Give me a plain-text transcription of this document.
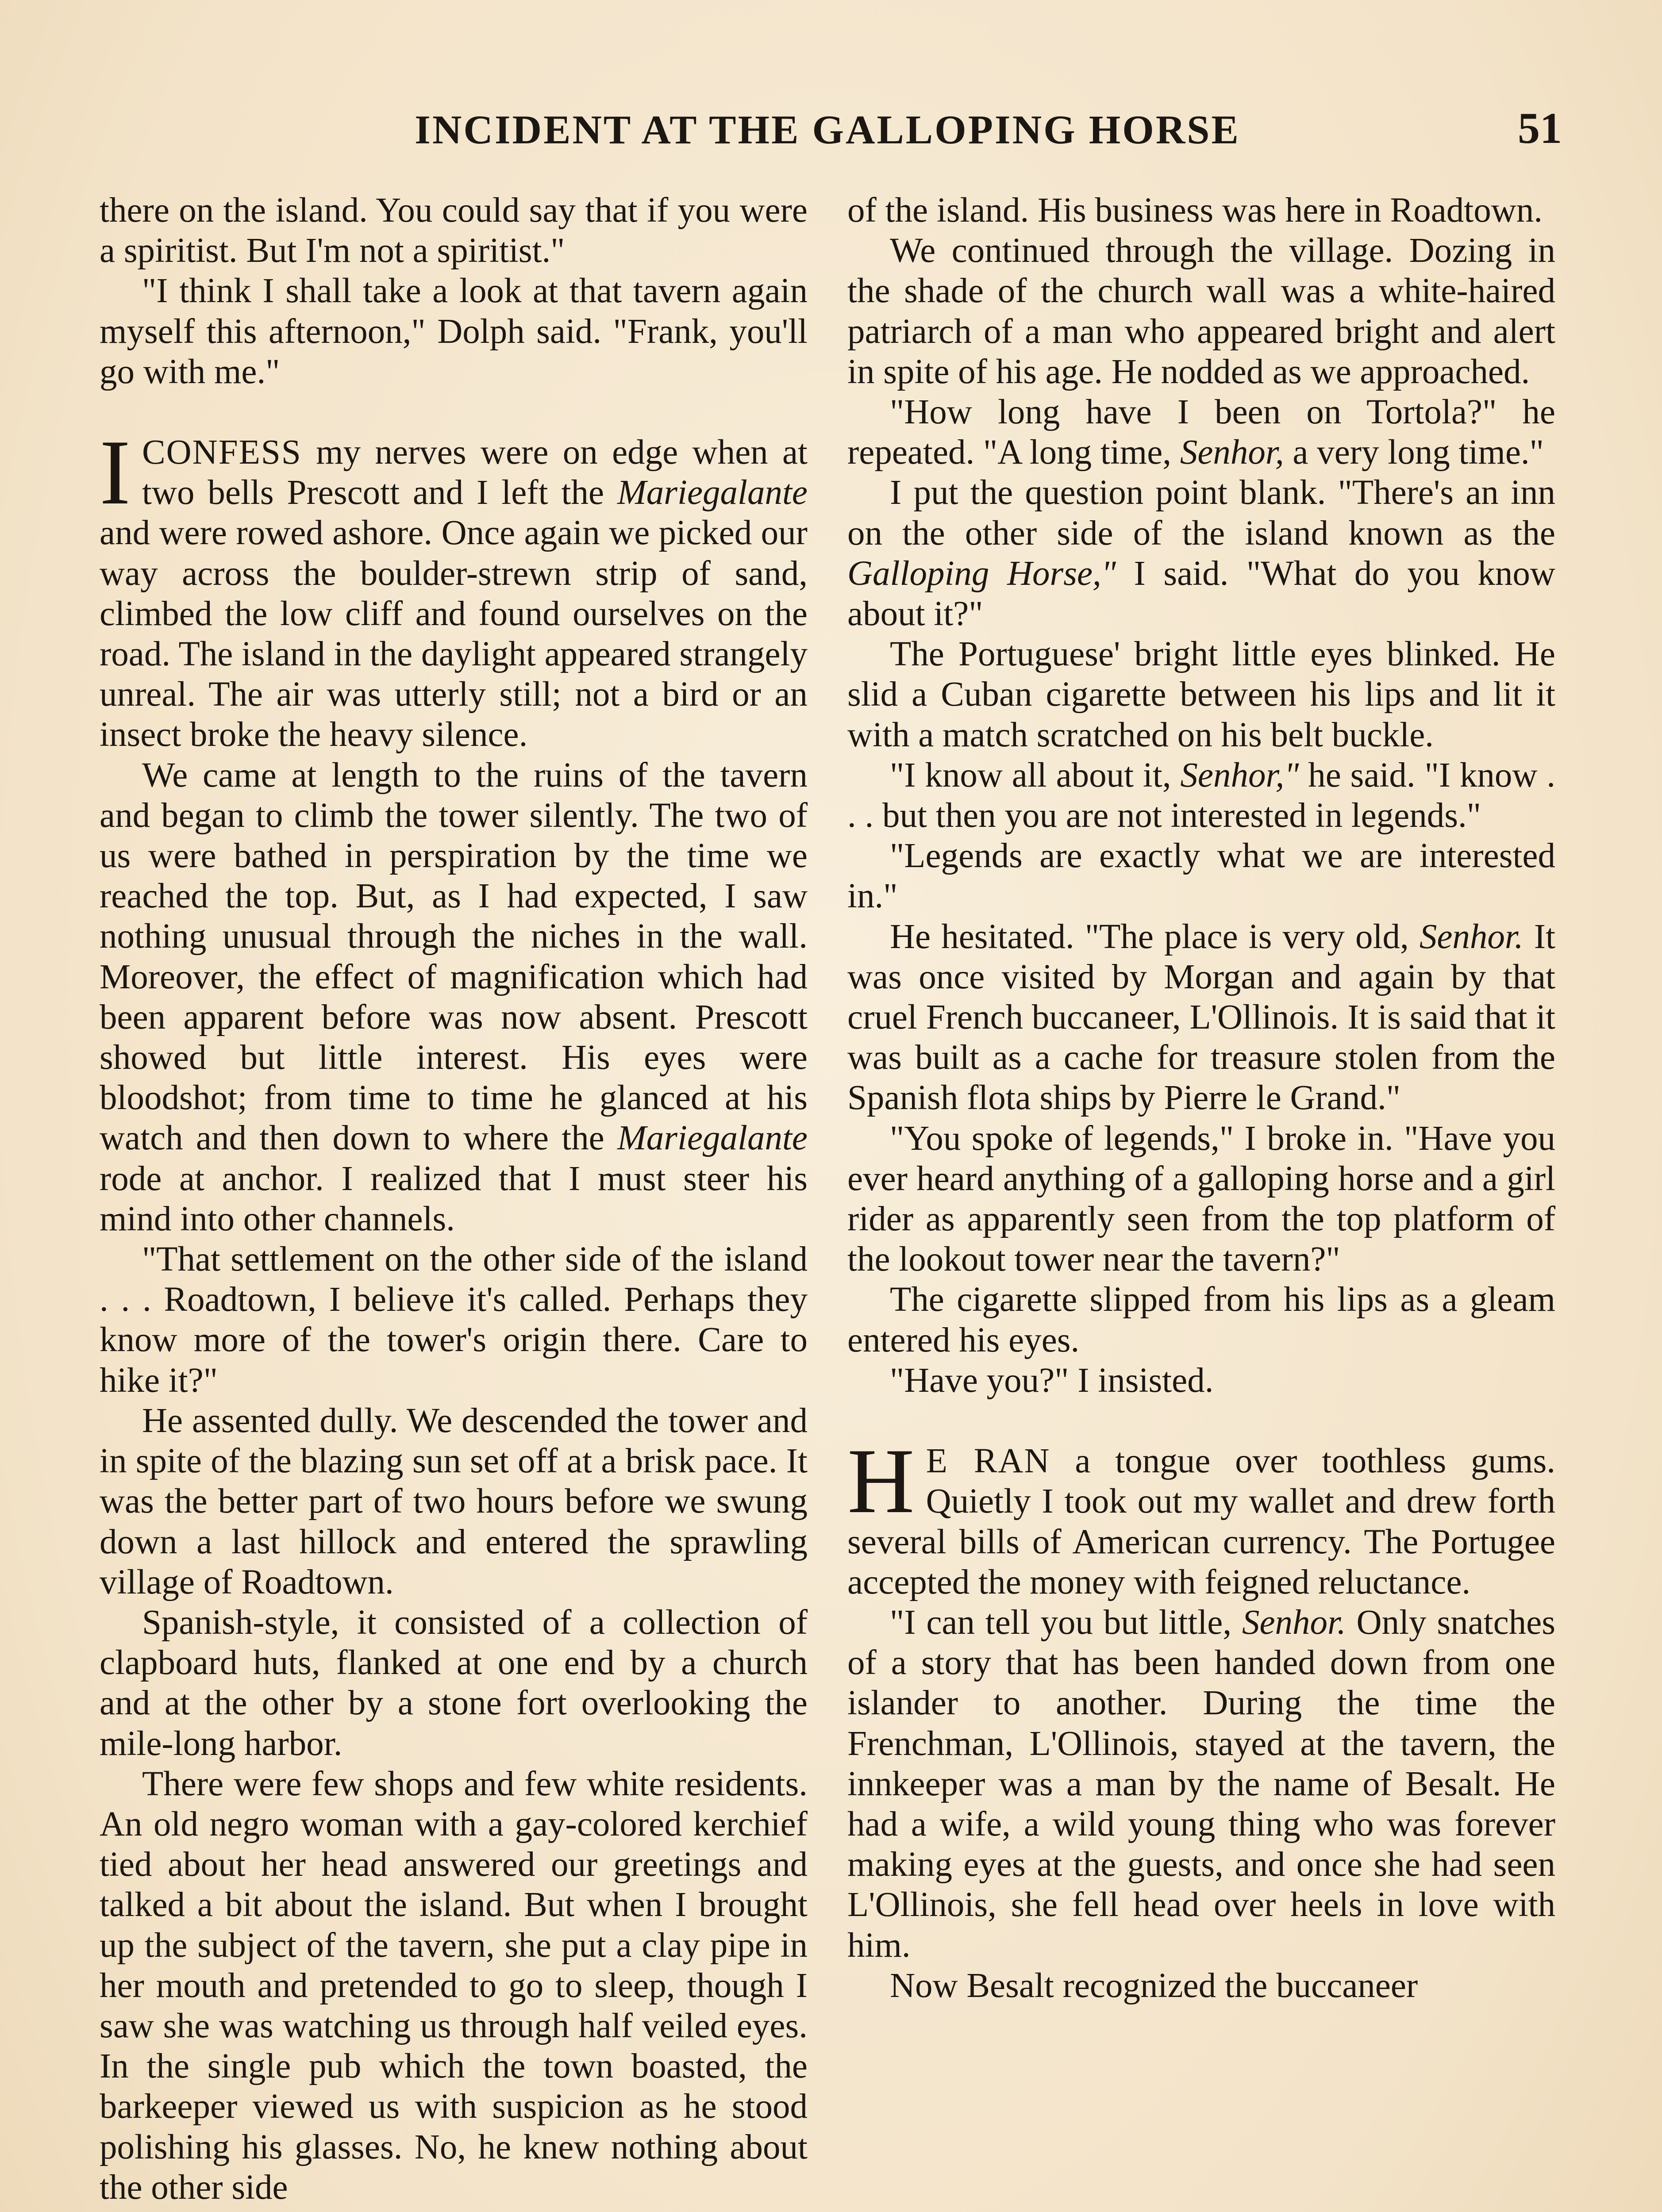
INCIDENT AT THE GALLOPING HORSE	51

there on the island. You could say that if you were a spiritist. But I'm not a spiritist."

"I think I shall take a look at that tavern again myself this afternoon," Dolph said. "Frank, you'll go with me."

ICONFESS my nerves were on edge when at two bells Prescott and I left the Mariegalante and were rowed ashore. Once again we picked our way across the boulder-strewn strip of sand, climbed the low cliff and found ourselves on the road. The island in the daylight appeared strangely unreal. The air was utterly still; not a bird or an insect broke the heavy silence.

We came at length to the ruins of the tavern and began to climb the tower silently. The two of us were bathed in perspiration by the time we reached the top. But, as I had expected, I saw nothing unusual through the niches in the wall. Moreover, the effect of magnification which had been apparent before was now absent. Prescott showed but little interest. His eyes were bloodshot; from time to time he glanced at his watch and then down to where the Mariegalante rode at anchor. I realized that I must steer his mind into other channels.

"That settlement on the other side of the island . . . Roadtown, I believe it's called. Perhaps they know more of the tower's origin there. Care to hike it?"

He assented dully. We descended the tower and in spite of the blazing sun set off at a brisk pace. It was the better part of two hours before we swung down a last hillock and entered the sprawling village of Roadtown.

Spanish-style, it consisted of a collection of clapboard huts, flanked at one end by a church and at the other by a stone fort overlooking the mile-long harbor.

There were few shops and few white residents. An old negro woman with a gay-colored kerchief tied about her head answered our greetings and talked a bit about the island. But when I brought up the subject of the tavern, she put a clay pipe in her mouth and pretended to go to sleep, though I saw she was watching us through half veiled eyes. In the single pub which the town boasted, the barkeeper viewed us with suspicion as he stood polishing his glasses. No, he knew nothing about the other side

of the island. His business was here in Roadtown.

We continued through the village. Dozing in the shade of the church wall was a white-haired patriarch of a man who appeared bright and alert in spite of his age. He nodded as we approached.

"How long have I been on Tortola?" he repeated. "A long time, Senhor, a very long time."

I put the question point blank. "There's an inn on the other side of the island known as the Galloping Horse," I said. "What do you know about it?"

The Portuguese' bright little eyes blinked. He slid a Cuban cigarette between his lips and lit it with a match scratched on his belt buckle.

"I know all about it, Senhor," he said. "I know . . . but then you are not interested in legends."

"Legends are exactly what we are interested in."

He hesitated. "The place is very old, Senhor. It was once visited by Morgan and again by that cruel French buccaneer, L'Ollinois. It is said that it was built as a cache for treasure stolen from the Spanish flota ships by Pierre le Grand."

"You spoke of legends," I broke in. "Have you ever heard anything of a galloping horse and a girl rider as apparently seen from the top platform of the lookout tower near the tavern?"

The cigarette slipped from his lips as a gleam entered his eyes.

"Have you?" I insisted.

H E RAN a tongue over toothless gums. Quietly I took out my wallet and drew forth several bills of American currency. The Portugee accepted the money with feigned reluctance.

"I can tell you but little, Senhor. Only snatches of a story that has been handed down from one islander to another. During the time the Frenchman, L'Ollinois, stayed at the tavern, the innkeeper was a man by the name of Besalt. He had a wife, a wild young thing who was forever making eyes at the guests, and once she had seen L'Ollinois, she fell head over heels in love with him.

Now Besalt recognized the buccaneer
